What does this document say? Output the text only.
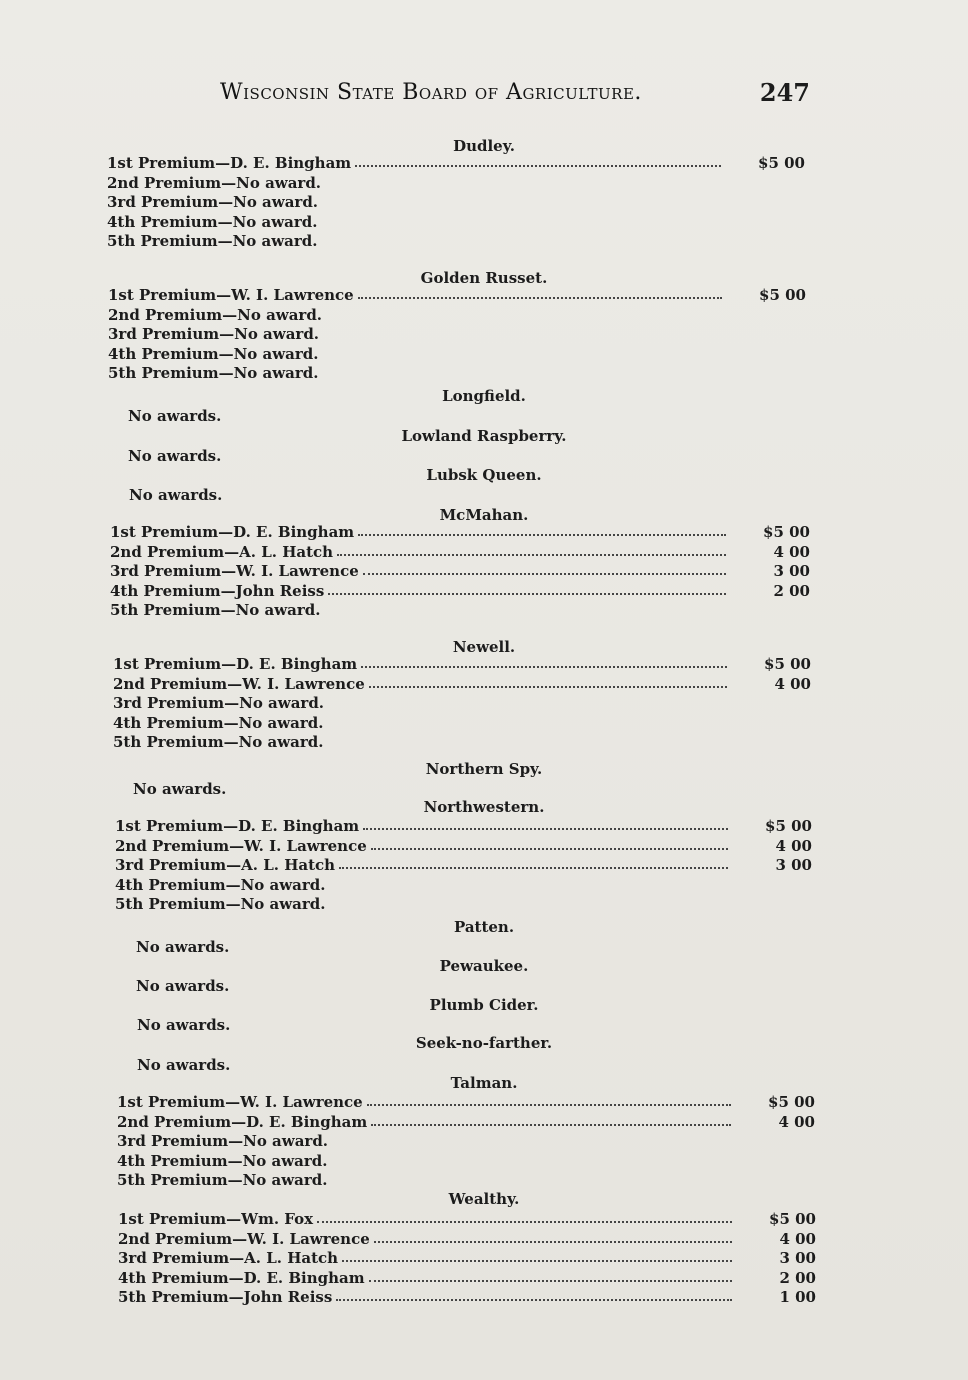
Wisconsin State Board of Agriculture.	247
Dudley.
1st Premium—D. E. Bingham	$5 00
2nd Premium—No award.
3rd Premium—No award.
4th Premium—No award.
5th Premium—No award.
Golden Russet.
1st Premium—W. I. Lawrence	$5 00
2nd Premium—No award.
3rd Premium—No award.
4th Premium—No award.
5th Premium—No award.
Longfield.
No awards.
Lowland Raspberry.
No awards.
Lubsk Queen.
No awards.
McMahan.
1st Premium—D. E. Bingham	$5 00
2nd Premium—A. L. Hatch	4 00
3rd Premium—W. I. Lawrence	3 00
4th Premium—John Reiss	2 00
5th Premium—No award.
Newell.
1st Premium—D. E. Bingham	$5 00
2nd Premium—W. I. Lawrence	4 00
3rd Premium—No award.
4th Premium—No award.
5th Premium—No award.
Northern Spy.
No awards.
Northwestern.
1st Premium—D. E. Bingham	$5 00
2nd Premium—W. I. Lawrence	4 00
3rd Premium—A. L. Hatch	3 00
4th Premium—No award.
5th Premium—No award.
Patten.
No awards.
Pewaukee.
No awards.
Plumb Cider.
No awards.
Seek-no-farther.
No awards.
Talman.
1st Premium—W. I. Lawrence	$5 00
2nd Premium—D. E. Bingham	4 00
3rd Premium—No award.
4th Premium—No award.
5th Premium—No award.
Wealthy.
1st Premium—Wm. Fox	$5 00
2nd Premium—W. I. Lawrence	4 00
3rd Premium—A. L. Hatch	3 00
4th Premium—D. E. Bingham	2 00
5th Premium—John Reiss	1 00
